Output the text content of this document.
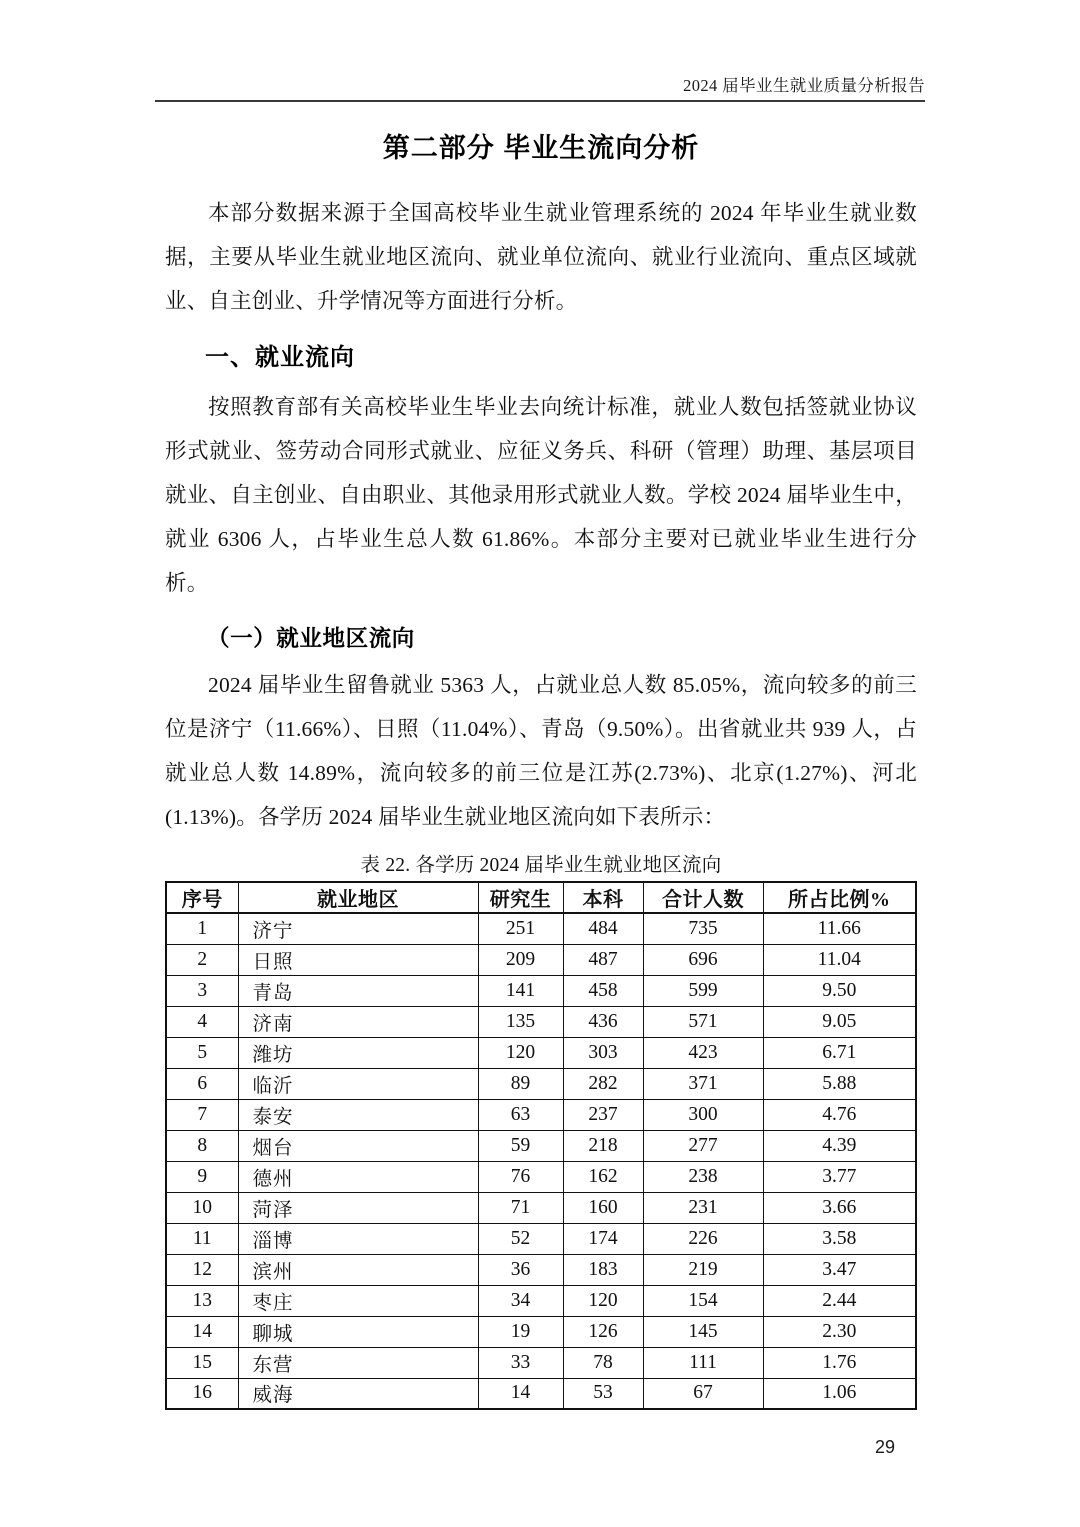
2024 届毕业生就业质量分析报告
第二部分 毕业生流向分析

本部分数据来源于全国高校毕业生就业管理系统的 2024 年毕业生就业数据，主要从毕业生就业地区流向、就业单位流向、就业行业流向、重点区域就业、自主创业、升学情况等方面进行分析。

一、就业流向

按照教育部有关高校毕业生毕业去向统计标准，就业人数包括签就业协议形式就业、签劳动合同形式就业、应征义务兵、科研（管理）助理、基层项目就业、自主创业、自由职业、其他录用形式就业人数。学校 2024 届毕业生中，就业 6306 人，占毕业生总人数 61.86%。本部分主要对已就业毕业生进行分析。

（一）就业地区流向

2024 届毕业生留鲁就业 5363 人，占就业总人数 85.05%，流向较多的前三位是济宁（11.66%）、日照（11.04%）、青岛（9.50%）。出省就业共 939 人，占就业总人数 14.89%，流向较多的前三位是江苏(2.73%)、北京(1.27%)、河北(1.13%)。各学历 2024 届毕业生就业地区流向如下表所示：

表 22. 各学历 2024 届毕业生就业地区流向
序号	就业地区	研究生	本科	合计人数	所占比例%
1	济宁	251	484	735	11.66
2	日照	209	487	696	11.04
3	青岛	141	458	599	9.50
4	济南	135	436	571	9.05
5	潍坊	120	303	423	6.71
6	临沂	89	282	371	5.88
7	泰安	63	237	300	4.76
8	烟台	59	218	277	4.39
9	德州	76	162	238	3.77
10	菏泽	71	160	231	3.66
11	淄博	52	174	226	3.58
12	滨州	36	183	219	3.47
13	枣庄	34	120	154	2.44
14	聊城	19	126	145	2.30
15	东营	33	78	111	1.76
16	威海	14	53	67	1.06
29
